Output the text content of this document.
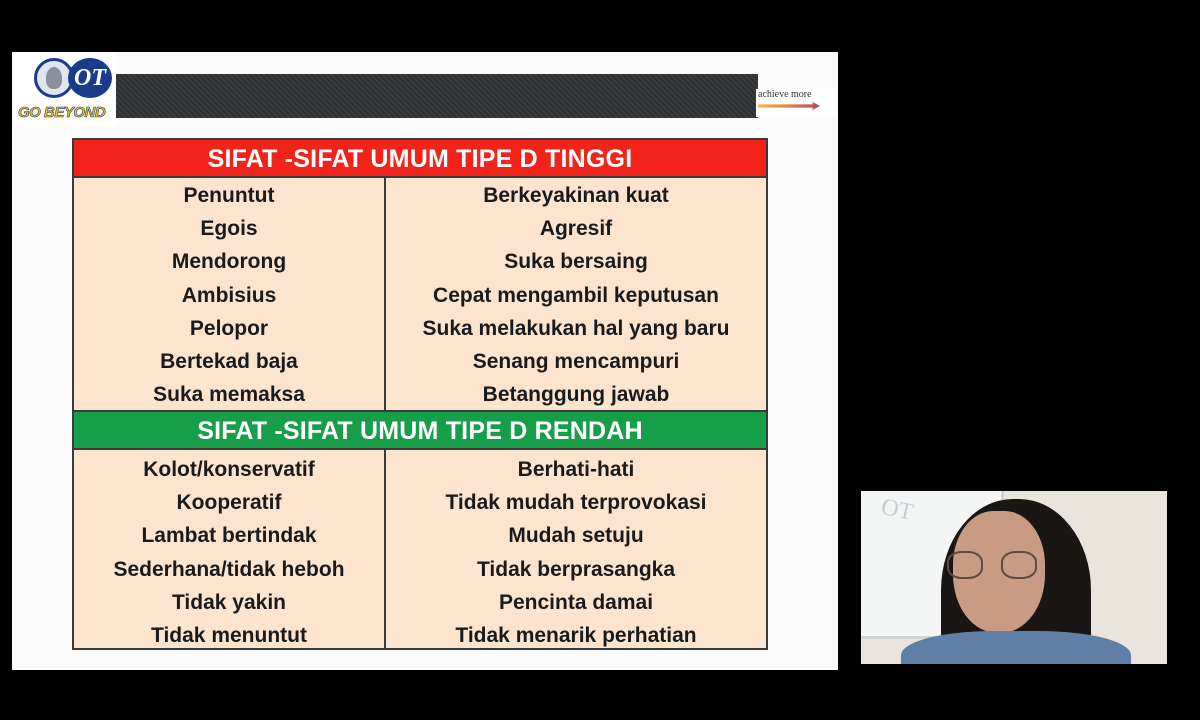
OT
GO BEYOND
achieve more
SIFAT -SIFAT UMUM TIPE D TINGGI
Penuntut	Berkeyakinan kuat
Egois	Agresif
Mendorong	Suka bersaing
Ambisius	Cepat mengambil keputusan
Pelopor	Suka melakukan hal yang baru
Bertekad baja	Senang mencampuri
Suka memaksa	Betanggung jawab
SIFAT -SIFAT UMUM TIPE D RENDAH
Kolot/konservatif	Berhati-hati
Kooperatif	Tidak mudah terprovokasi
Lambat bertindak	Mudah setuju
Sederhana/tidak heboh	Tidak berprasangka
Tidak yakin	Pencinta damai
Tidak menuntut	Tidak menarik perhatian
OT
